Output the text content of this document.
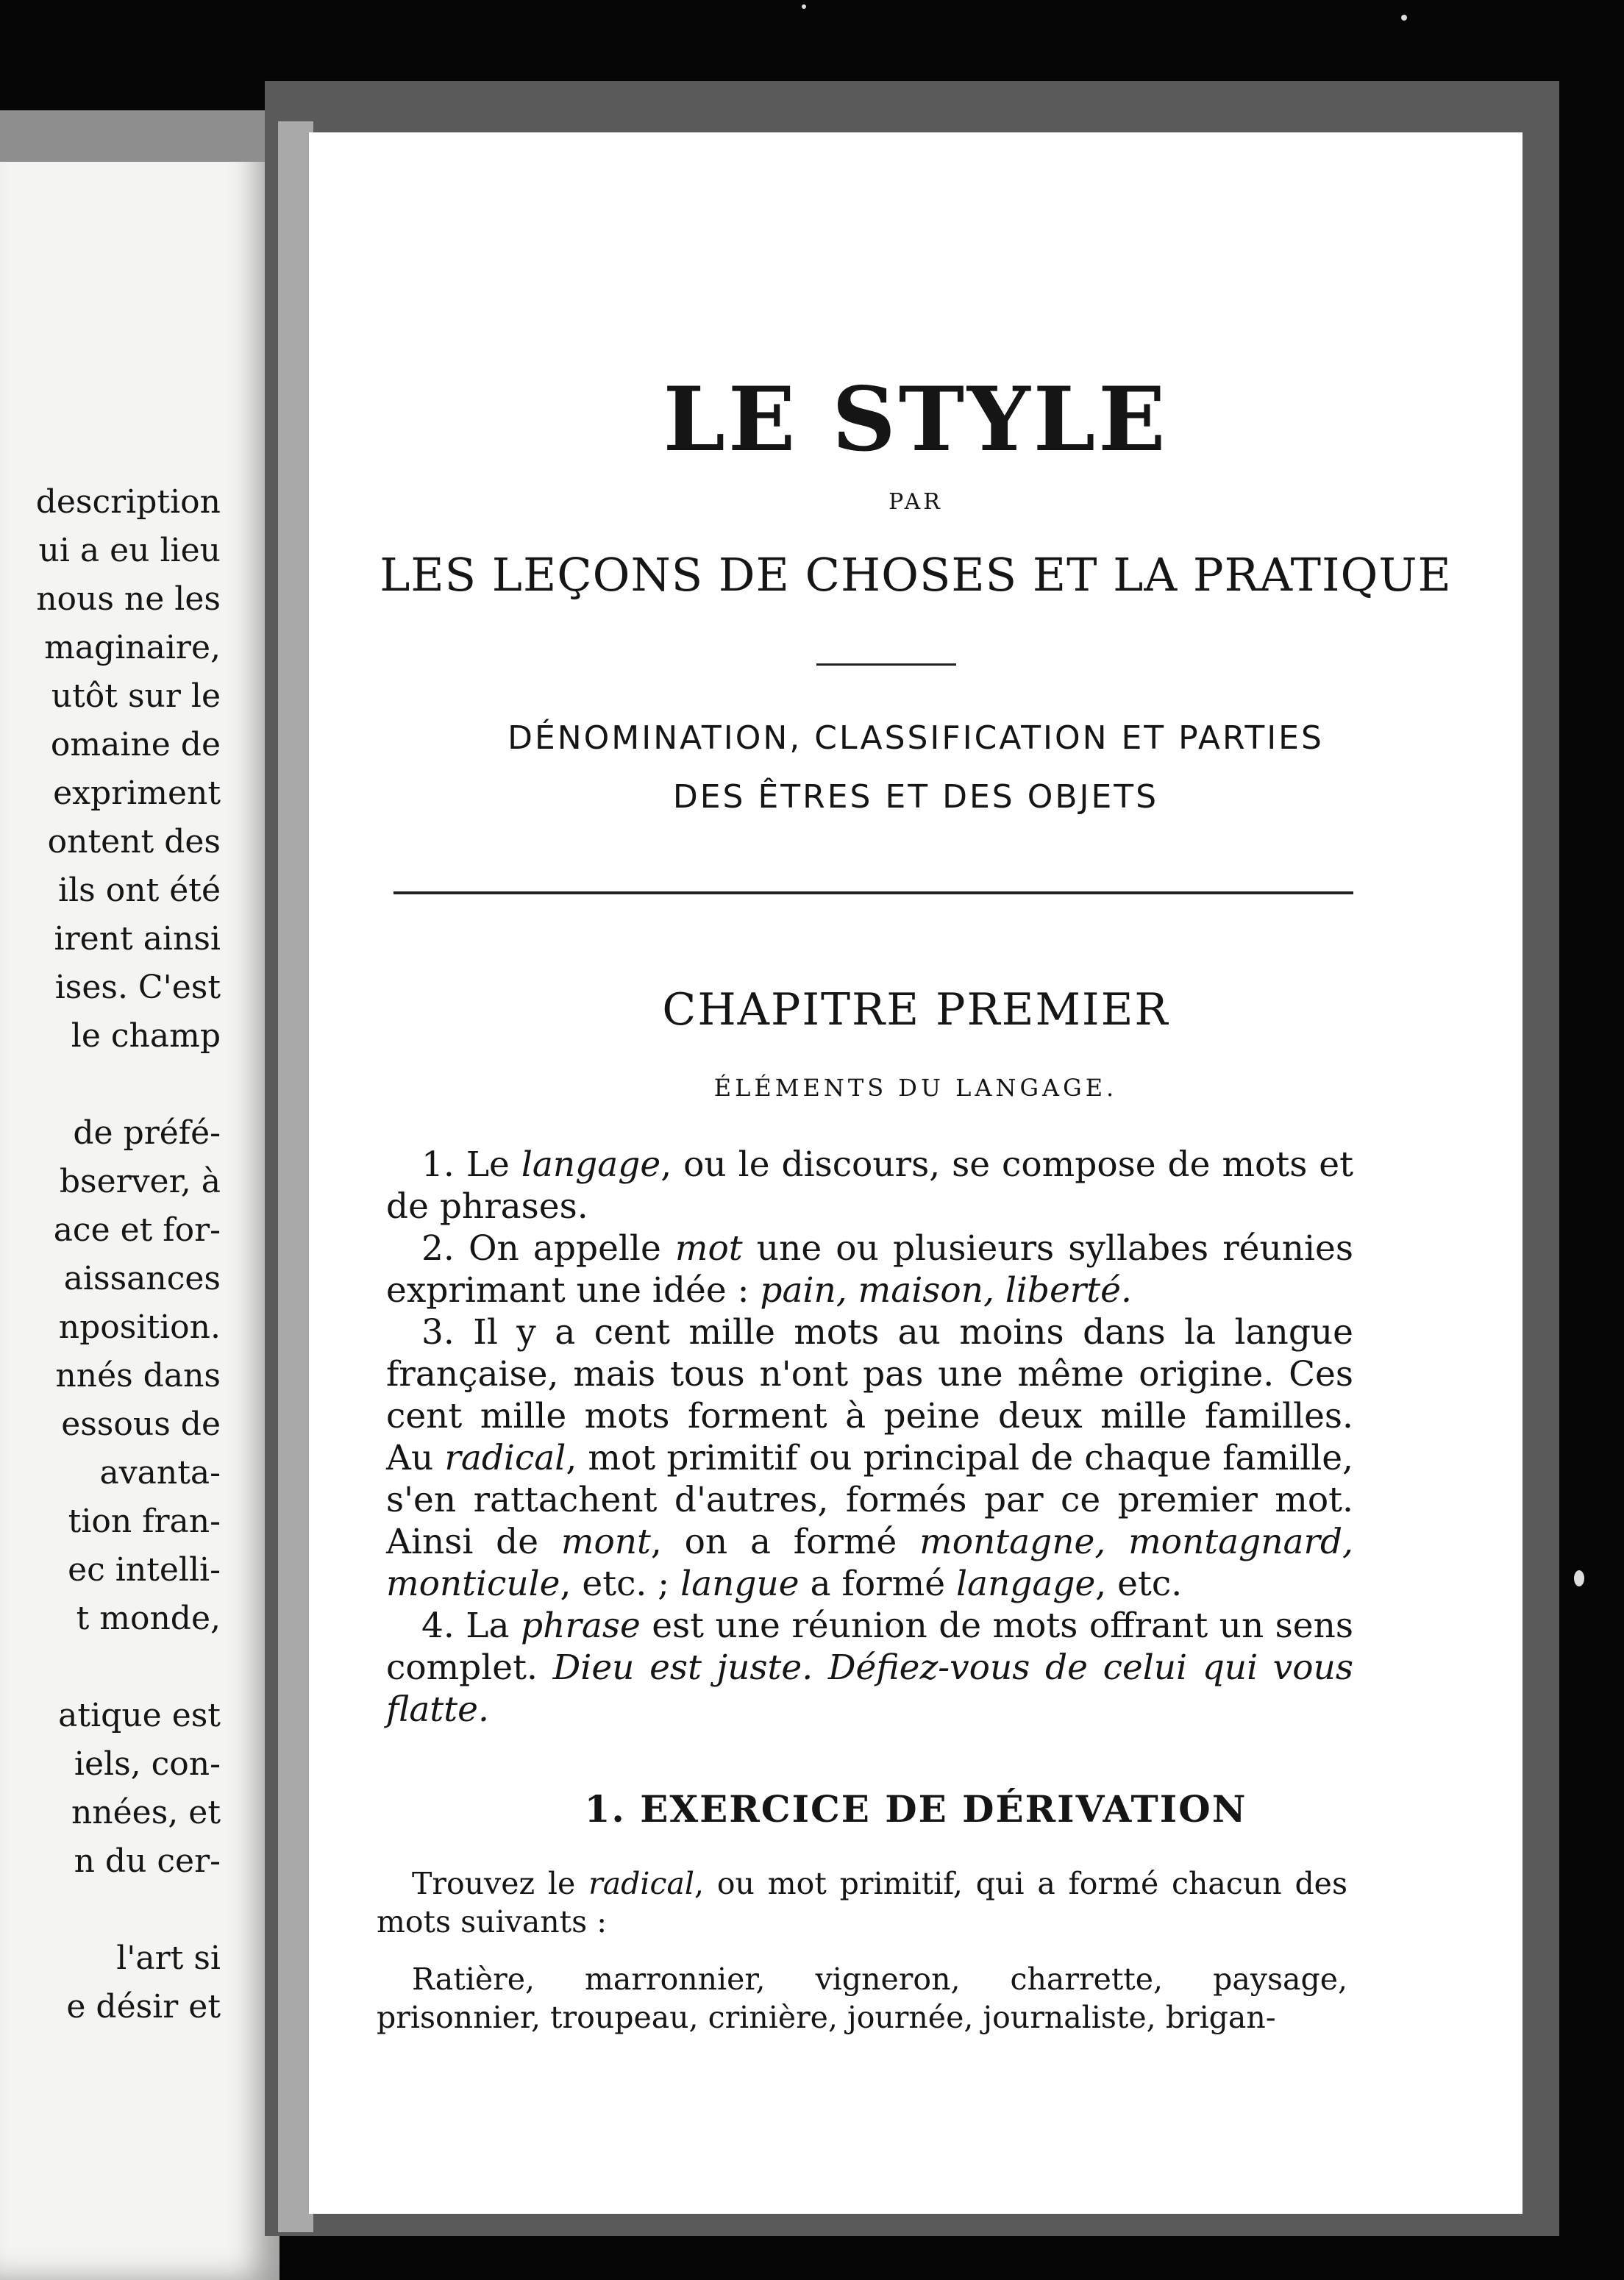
description
ui a eu lieu
nous ne les
maginaire,
utôt sur le
omaine de
expriment
ontent des
ils ont été
irent ainsi
ises. C'est
le champ
de préfé-
bserver, à
ace et for-
aissances
nposition.
nnés dans
essous de
avanta-
tion fran-
ec intelli-
t monde,
atique est
iels, con-
nnées, et
n du cer-
l'art si
e désir et
LE STYLE
PAR
LES LEÇONS DE CHOSES ET LA PRATIQUE
DÉNOMINATION, CLASSIFICATION ET PARTIES
DES ÊTRES ET DES OBJETS
CHAPITRE PREMIER
ÉLÉMENTS DU LANGAGE.

1. Le langage, ou le discours, se compose de mots et de phrases.

2. On appelle mot une ou plusieurs syllabes réunies exprimant une idée : pain, maison, liberté.

3. Il y a cent mille mots au moins dans la langue française, mais tous n'ont pas une même origine. Ces cent mille mots forment à peine deux mille familles. Au radical, mot primitif ou principal de chaque famille, s'en rattachent d'autres, formés par ce premier mot. Ainsi de mont, on a formé montagne, montagnard, monticule, etc. ; langue a formé langage, etc.

4. La phrase est une réunion de mots offrant un sens complet. Dieu est juste. Défiez-vous de celui qui vous flatte.

1. EXERCICE DE DÉRIVATION

Trouvez le radical, ou mot primitif, qui a formé chacun des mots suivants :

Ratière, marronnier, vigneron, charrette, paysage, prisonnier, troupeau, crinière, journée, journaliste, brigan-
